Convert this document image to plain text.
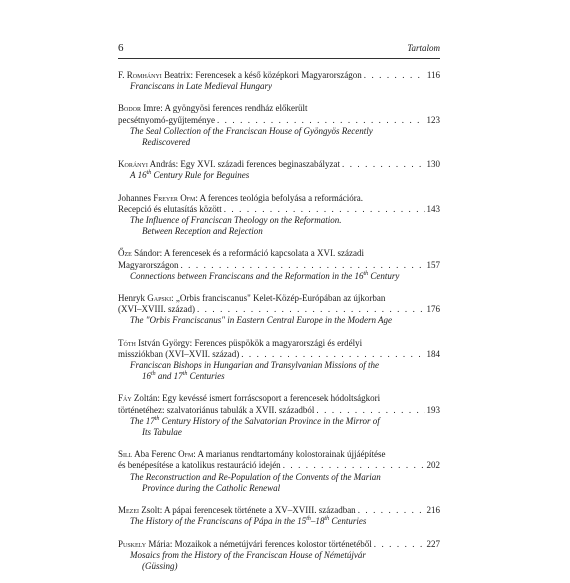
6	Tartalom
F. Romhányi Beatrix: Ferencesek a késő középkori Magyarországon . . .	116
Franciscans in Late Medieval Hungary
Bodor Imre: A gyöngyösi ferences rendház előkerült
pecsétnyomó-gyűjteménye . . .	123
The Seal Collection of the Franciscan House of Gyöngyös Recently
Rediscovered
Korányi András: Egy XVI. századi ferences beginaszabályzat . . .	130
A 16th Century Rule for Beguines
Johannes Freyer Ofm: A ferences teológia befolyása a reformációra.
Recepció és elutasítás között . . .	143
The Influence of Franciscan Theology on the Reformation.
Between Reception and Rejection
Őze Sándor: A ferencesek és a reformáció kapcsolata a XVI. századi
Magyarországon . . .	157
Connections between Franciscans and the Reformation in the 16th Century
Henryk Gapski: „Orbis franciscanus" Kelet-Közép-Európában az újkorban
(XVI–XVIII. század) . . .	176
The "Orbis Franciscanus" in Eastern Central Europe in the Modern Age
Tóth István György: Ferences püspökök a magyarországi és erdélyi
missziókban (XVI–XVII. század) . . .	184
Franciscan Bishops in Hungarian and Transylvanian Missions of the
16th and 17th Centuries
Fáy Zoltán: Egy kevéssé ismert forráscsoport a ferencesek hódoltságkori
történetéhez: szalvatoriánus tabulák a XVII. századból . . .	193
The 17th Century History of the Salvatorian Province in the Mirror of
Its Tabulae
Sill Aba Ferenc Ofm: A marianus rendtartomány kolostorainak újjáépítése
és benépesítése a katolikus restauráció idején . . .	202
The Reconstruction and Re-Population of the Convents of the Marian
Province during the Catholic Renewal
Mezei Zsolt: A pápai ferencesek története a XV–XVIII. században . . .	216
The History of the Franciscans of Pápa in the 15th–18th Centuries
Puskely Mária: Mozaikok a németújvári ferences kolostor történetéből . . .	227
Mosaics from the History of the Franciscan House of Németújvár
(Güssing)
